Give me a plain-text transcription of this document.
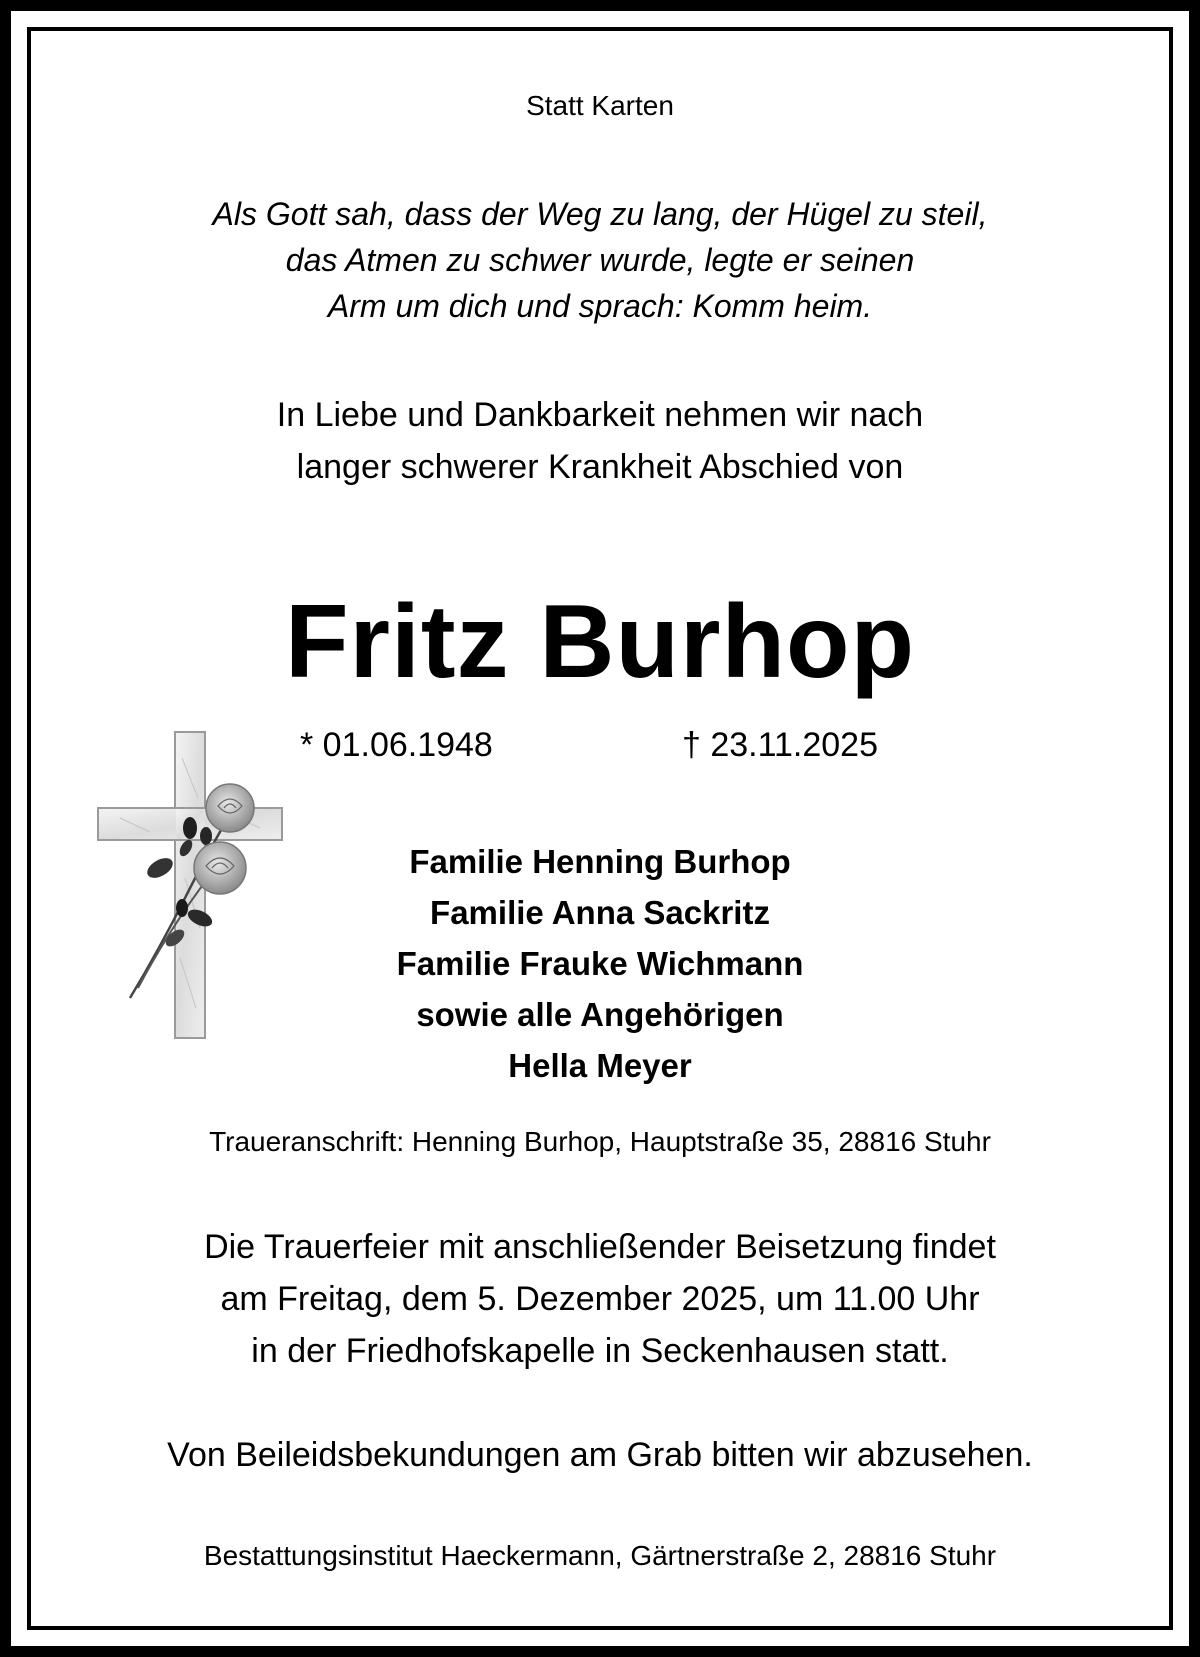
Statt Karten
Als Gott sah, dass der Weg zu lang, der Hügel zu steil,
das Atmen zu schwer wurde, legte er seinen
Arm um dich und sprach: Komm heim.
In Liebe und Dankbarkeit nehmen wir nach
langer schwerer Krankheit Abschied von
Fritz Burhop
* 01.06.1948	† 23.11.2025
Familie Henning Burhop
Familie Anna Sackritz
Familie Frauke Wichmann
sowie alle Angehörigen
Hella Meyer
Traueranschrift: Henning Burhop, Hauptstraße 35, 28816 Stuhr
Die Trauerfeier mit anschließender Beisetzung findet
am Freitag, dem 5. Dezember 2025, um 11.00 Uhr
in der Friedhofskapelle in Seckenhausen statt.
Von Beileidsbekundungen am Grab bitten wir abzusehen.
Bestattungsinstitut Haeckermann, Gärtnerstraße 2, 28816 Stuhr
